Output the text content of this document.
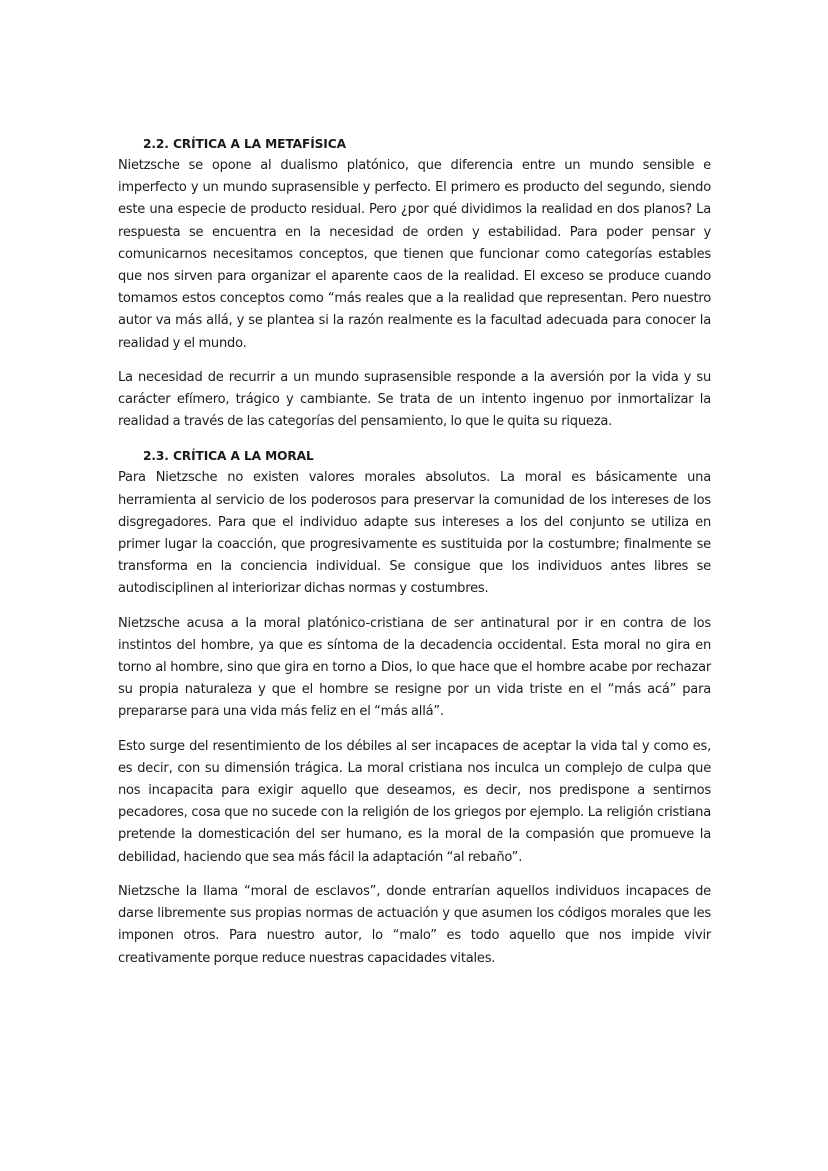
2.2. CRÍTICA A LA METAFÍSICA

Nietzsche se opone al dualismo platónico, que diferencia entre un mundo sensible e imperfecto y un mundo suprasensible y perfecto. El primero es producto del segundo, siendo este una especie de producto residual. Pero ¿por qué dividimos la realidad en dos planos? La respuesta se encuentra en la necesidad de orden y estabilidad. Para poder pensar y comunicarnos necesitamos conceptos, que tienen que funcionar como categorías estables que nos sirven para organizar el aparente caos de la realidad. El exceso se produce cuando tomamos estos conceptos como “más reales que a la realidad que representan. Pero nuestro autor va más allá, y se plantea si la razón realmente es la facultad adecuada para conocer la realidad y el mundo.

La necesidad de recurrir a un mundo suprasensible responde a la aversión por la vida y su carácter efímero, trágico y cambiante. Se trata de un intento ingenuo por inmortalizar la realidad a través de las categorías del pensamiento, lo que le quita su riqueza.

2.3. CRÍTICA A LA MORAL

Para Nietzsche no existen valores morales absolutos. La moral es básicamente una herramienta al servicio de los poderosos para preservar la comunidad de los intereses de los disgregadores. Para que el individuo adapte sus intereses a los del conjunto se utiliza en primer lugar la coacción, que progresivamente es sustituida por la costumbre; finalmente se transforma en la conciencia individual. Se consigue que los individuos antes libres se autodisciplinen al interiorizar dichas normas y costumbres.

Nietzsche acusa a la moral platónico-cristiana de ser antinatural por ir en contra de los instintos del hombre, ya que es síntoma de la decadencia occidental. Esta moral no gira en torno al hombre, sino que gira en torno a Dios, lo que hace que el hombre acabe por rechazar su propia naturaleza y que el hombre se resigne por un vida triste en el “más acá” para prepararse para una vida más feliz en el “más allá”.

Esto surge del resentimiento de los débiles al ser incapaces de aceptar la vida tal y como es, es decir, con su dimensión trágica. La moral cristiana nos inculca un complejo de culpa que nos incapacita para exigir aquello que deseamos, es decir, nos predispone a sentirnos pecadores, cosa que no sucede con la religión de los griegos por ejemplo. La religión cristiana pretende la domesticación del ser humano, es la moral de la compasión que promueve la debilidad, haciendo que sea más fácil la adaptación “al rebaño”.

Nietzsche la llama “moral de esclavos”, donde entrarían aquellos individuos incapaces de darse libremente sus propias normas de actuación y que asumen los códigos morales que les imponen otros. Para nuestro autor, lo “malo” es todo aquello que nos impide vivir creativamente porque reduce nuestras capacidades vitales.
